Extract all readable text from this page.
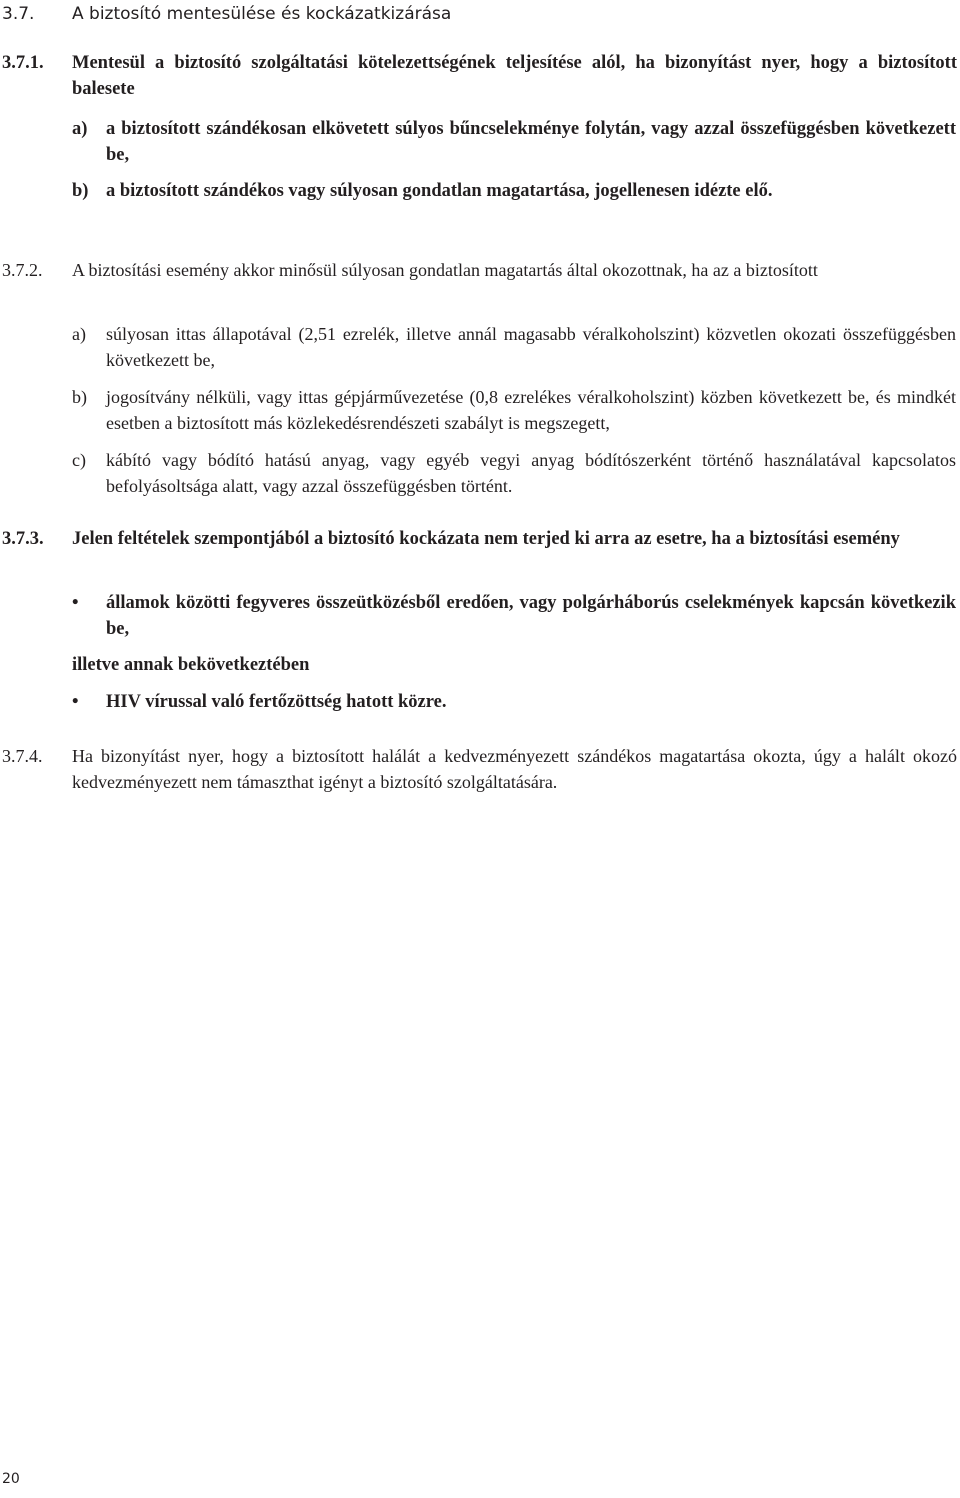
3.7. A biztosító mentesülése és kockázatkizárása
3.7.1. Mentesül a biztosító szolgáltatási kötelezettségének teljesítése alól, ha bizonyítást nyer, hogy a biztosított balesete
a) a biztosított szándékosan elkövetett súlyos bűncselekménye folytán, vagy azzal összefüggésben következett be,
b) a biztosított szándékos vagy súlyosan gondatlan magatartása, jogellenesen idézte elő.
3.7.2. A biztosítási esemény akkor minősül súlyosan gondatlan magatartás által okozottnak, ha az a biztosított
a) súlyosan ittas állapotával (2,51 ezrelék, illetve annál magasabb véralkoholszint) közvetlen okozati összefüggésben következett be,
b) jogosítvány nélküli, vagy ittas gépjárművezetése (0,8 ezrelékes véralkoholszint) közben következett be, és mindkét esetben a biztosított más közlekedésrendészeti szabályt is megszegett,
c) kábító vagy bódító hatású anyag, vagy egyéb vegyi anyag bódítószerként történő használatával kapcsolatos befolyásoltsága alatt, vagy azzal összefüggésben történt.
3.7.3. Jelen feltételek szempontjából a biztosító kockázata nem terjed ki arra az esetre, ha a biztosítási esemény
• államok közötti fegyveres összeütközésből eredően, vagy polgárháborús cselekmények kapcsán következik be,
illetve annak bekövetkeztében
• HIV vírussal való fertőzöttség hatott közre.
3.7.4. Ha bizonyítást nyer, hogy a biztosított halálát a kedvezményezett szándékos magatartása okozta, úgy a halált okozó kedvezményezett nem támaszthat igényt a biztosító szolgáltatására.
20
